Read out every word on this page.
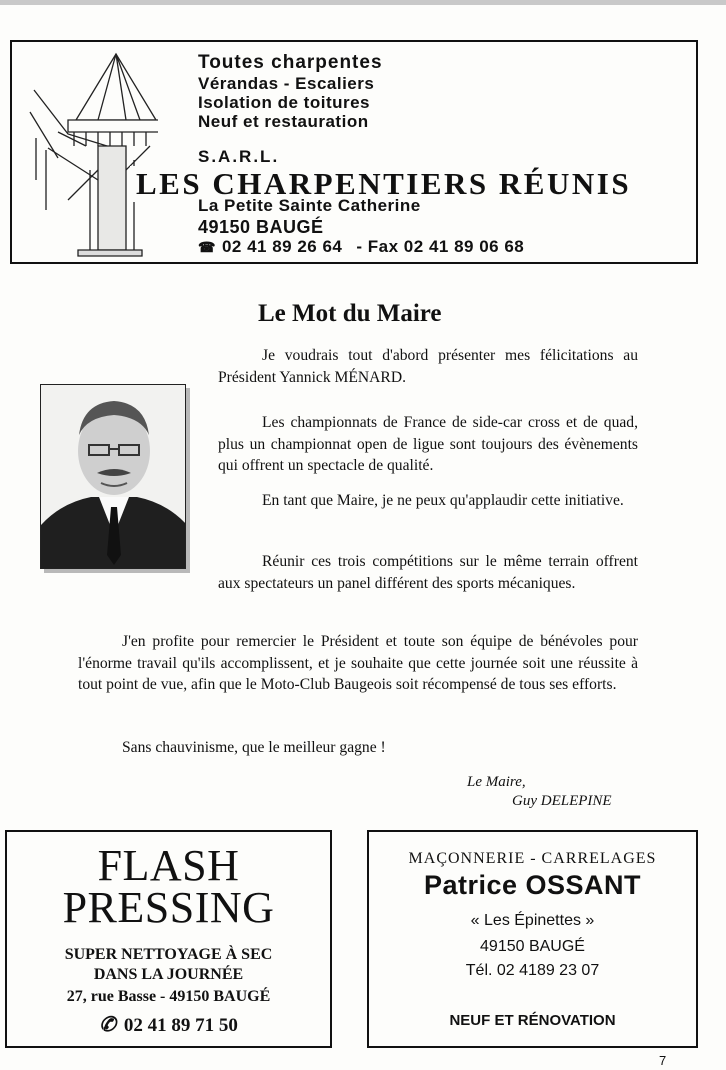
Toutes charpentes
Vérandas - Escaliers
Isolation de toitures
Neuf et restauration
S.A.R.L.
LES CHARPENTIERS RÉUNIS
La Petite Sainte Catherine
49150 BAUGÉ
☎ 02 41 89 26 64 - Fax 02 41 89 06 68
Le Mot du Maire

Je voudrais tout d'abord présenter mes félicitations au Président Yannick MÉNARD.

Les championnats de France de side-car cross et de quad, plus un championnat open de ligue sont toujours des évènements qui offrent un spectacle de qualité.

En tant que Maire, je ne peux qu'applaudir cette initiative.

Réunir ces trois compétitions sur le même terrain offrent aux spectateurs un panel différent des sports mécaniques.

J'en profite pour remercier le Président et toute son équipe de bénévoles pour l'énorme travail qu'ils accomplissent, et je souhaite que cette journée soit une réussite à tout point de vue, afin que le Moto-Club Baugeois soit récompensé de tous ses efforts.

Sans chauvinisme, que le meilleur gagne !

Le Maire,
Guy DELEPINE
FLASH
PRESSING
SUPER NETTOYAGE À SEC
DANS LA JOURNÉE
27, rue Basse - 49150 BAUGÉ
✆ 02 41 89 71 50
MAÇONNERIE - CARRELAGES
Patrice OSSANT
« Les Épinettes »
49150 BAUGÉ
Tél. 02 4189 23 07
NEUF ET RÉNOVATION
7
